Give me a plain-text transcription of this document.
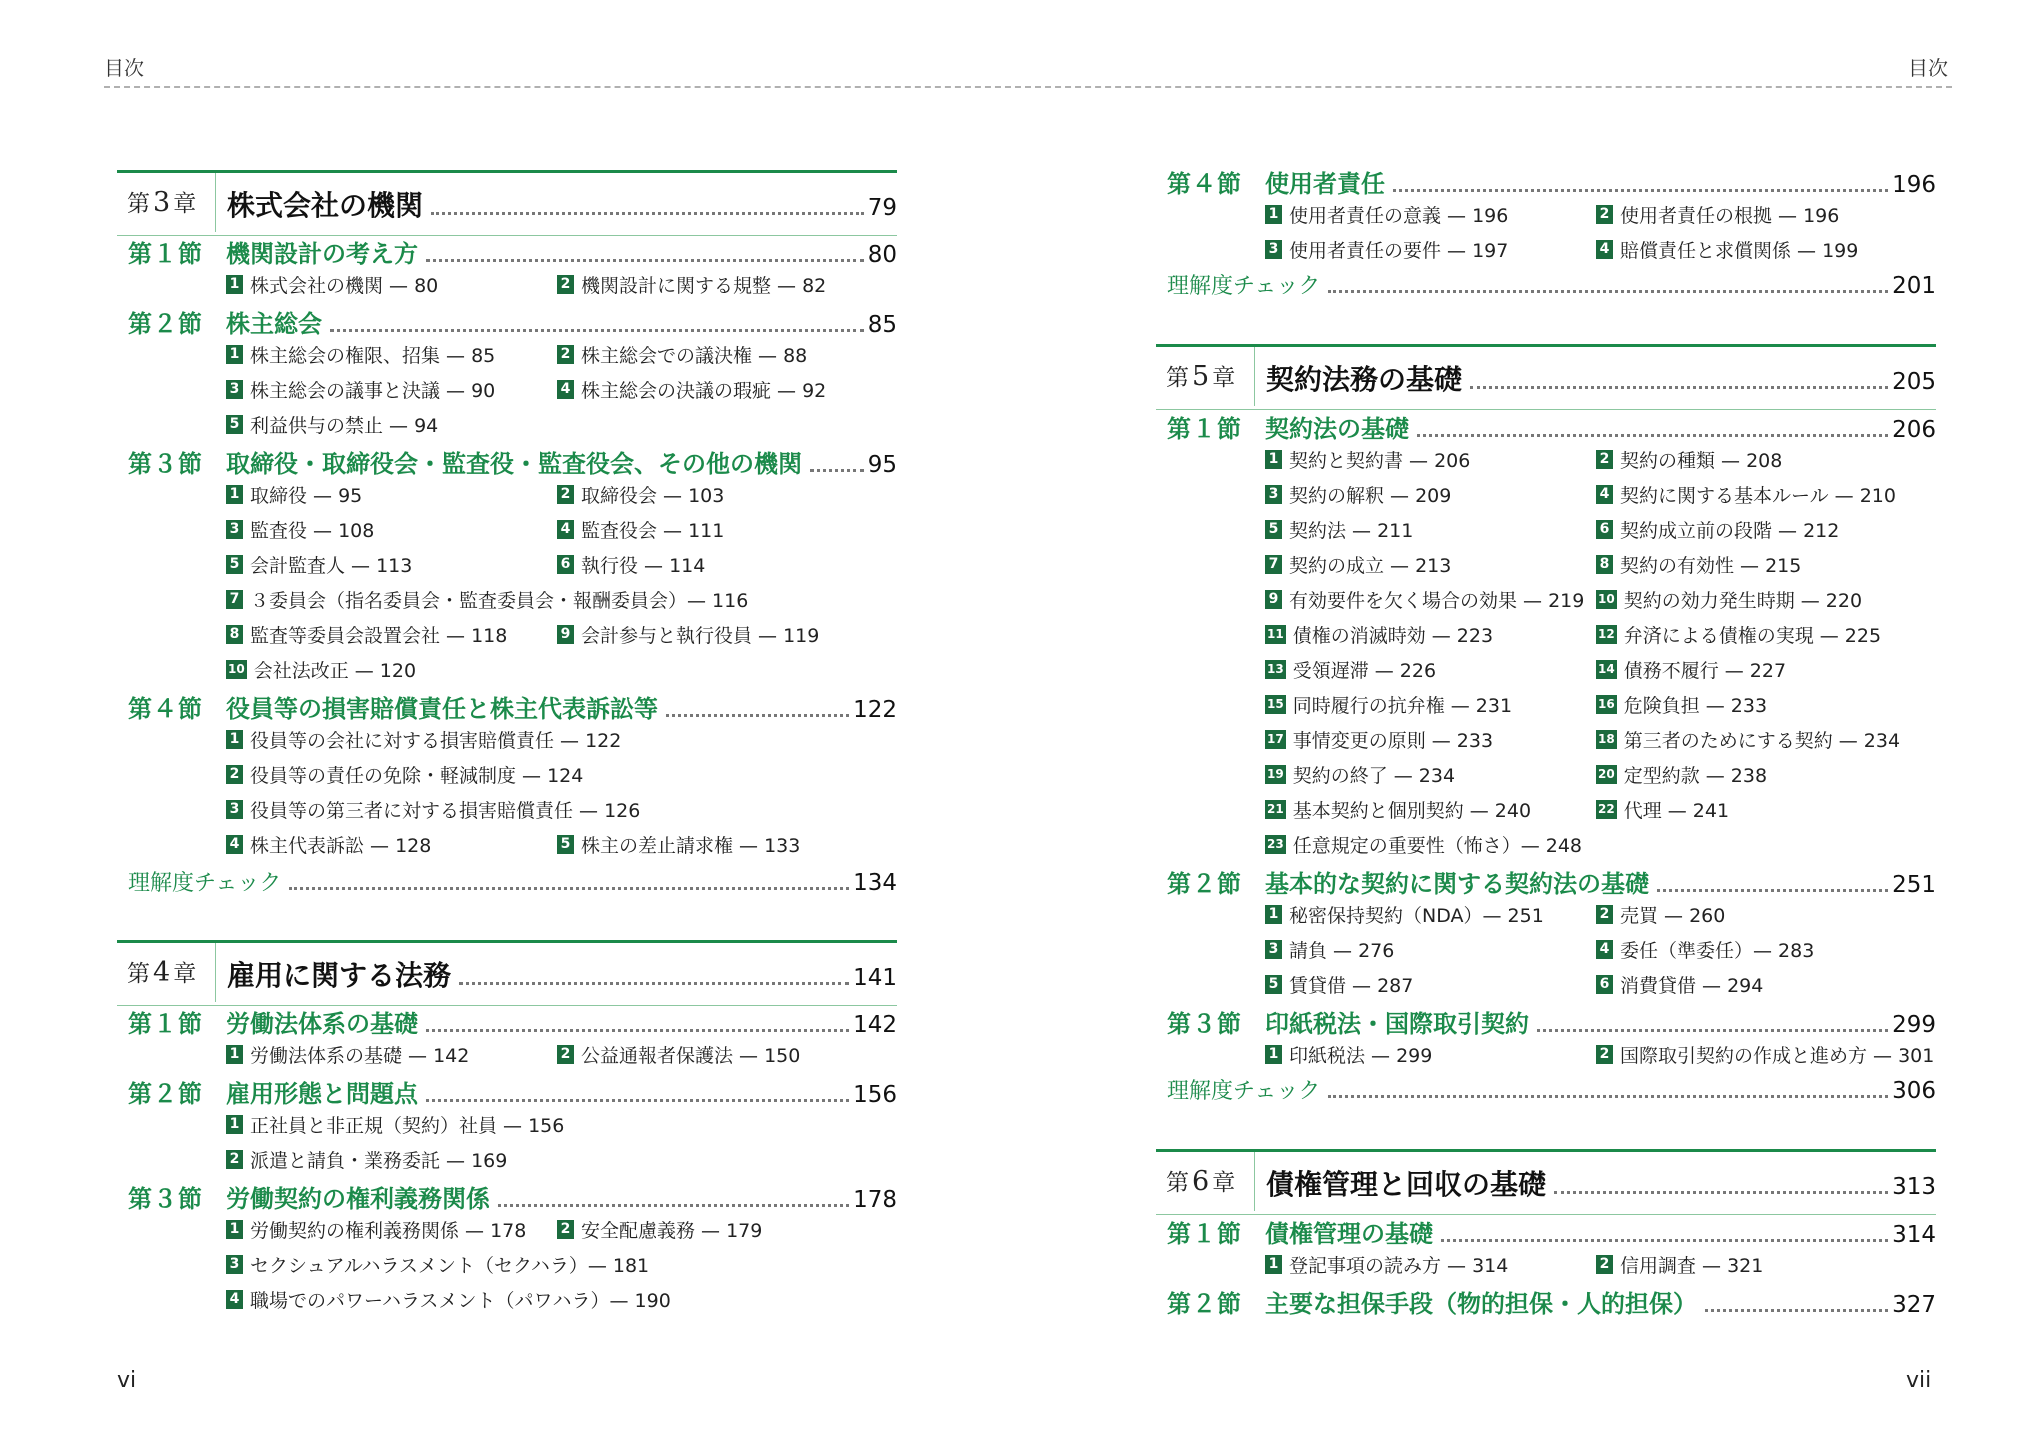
目次	目次
第 3 章 株式会社の機関	79
第１節 機関設計の考え方	80
1 株式会社の機関 — 80	2 機関設計に関する規整 — 82
第２節 株主総会	85
1 株主総会の権限、招集 — 85	2 株主総会での議決権 — 88
3 株主総会の議事と決議 — 90	4 株主総会の決議の瑕疵 — 92
5 利益供与の禁止 — 94
第３節 取締役・取締役会・監査役・監査役会、その他の機関	95
1 取締役 — 95	2 取締役会 — 103
3 監査役 — 108	4 監査役会 — 111
5 会計監査人 — 113	6 執行役 — 114
7 ３委員会（指名委員会・監査委員会・報酬委員会）— 116
8 監査等委員会設置会社 — 118	9 会計参与と執行役員 — 119
10 会社法改正 — 120
第４節 役員等の損害賠償責任と株主代表訴訟等	122
1 役員等の会社に対する損害賠償責任 — 122
2 役員等の責任の免除・軽減制度 — 124
3 役員等の第三者に対する損害賠償責任 — 126
4 株主代表訴訟 — 128	5 株主の差止請求権 — 133
理解度チェック	134
第 4 章 雇用に関する法務	141
第１節 労働法体系の基礎	142
1 労働法体系の基礎 — 142	2 公益通報者保護法 — 150
第２節 雇用形態と問題点	156
1 正社員と非正規（契約）社員 — 156
2 派遣と請負・業務委託 — 169
第３節 労働契約の権利義務関係	178
1 労働契約の権利義務関係 — 178 2 安全配慮義務 — 179
3 セクシュアルハラスメント（セクハラ）— 181
4 職場でのパワーハラスメント（パワハラ）— 190
第４節 使用者責任	196
1 使用者責任の意義 — 196	2 使用者責任の根拠 — 196
3 使用者責任の要件 — 197	4 賠償責任と求償関係 — 199
理解度チェック	201
第 5 章 契約法務の基礎	205
第１節 契約法の基礎	206
1 契約と契約書 — 206	2 契約の種類 — 208
3 契約の解釈 — 209	4 契約に関する基本ルール — 210
5 契約法 — 211	6 契約成立前の段階 — 212
7 契約の成立 — 213	8 契約の有効性 — 215
9 有効要件を欠く場合の効果 — 219 10 契約の効力発生時期 — 220
11 債権の消滅時効 — 223	12 弁済による債権の実現 — 225
13 受領遅滞 — 226	14 債務不履行 — 227
15 同時履行の抗弁権 — 231	16 危険負担 — 233
17 事情変更の原則 — 233	18 第三者のためにする契約 — 234
19 契約の終了 — 234	20 定型約款 — 238
21 基本契約と個別契約 — 240	22 代理 — 241
23 任意規定の重要性（怖さ）— 248
第２節 基本的な契約に関する契約法の基礎	251
1 秘密保持契約（NDA）— 251	2 売買 — 260
3 請負 — 276	4 委任（準委任）— 283
5 賃貸借 — 287	6 消費貸借 — 294
第３節 印紙税法・国際取引契約	299
1 印紙税法 — 299	2 国際取引契約の作成と進め方 — 301
理解度チェック	306
第 6 章 債権管理と回収の基礎	313
第１節 債権管理の基礎	314
1 登記事項の読み方 — 314	2 信用調査 — 321
第２節 主要な担保手段（物的担保・人的担保）	327
vi	vii
